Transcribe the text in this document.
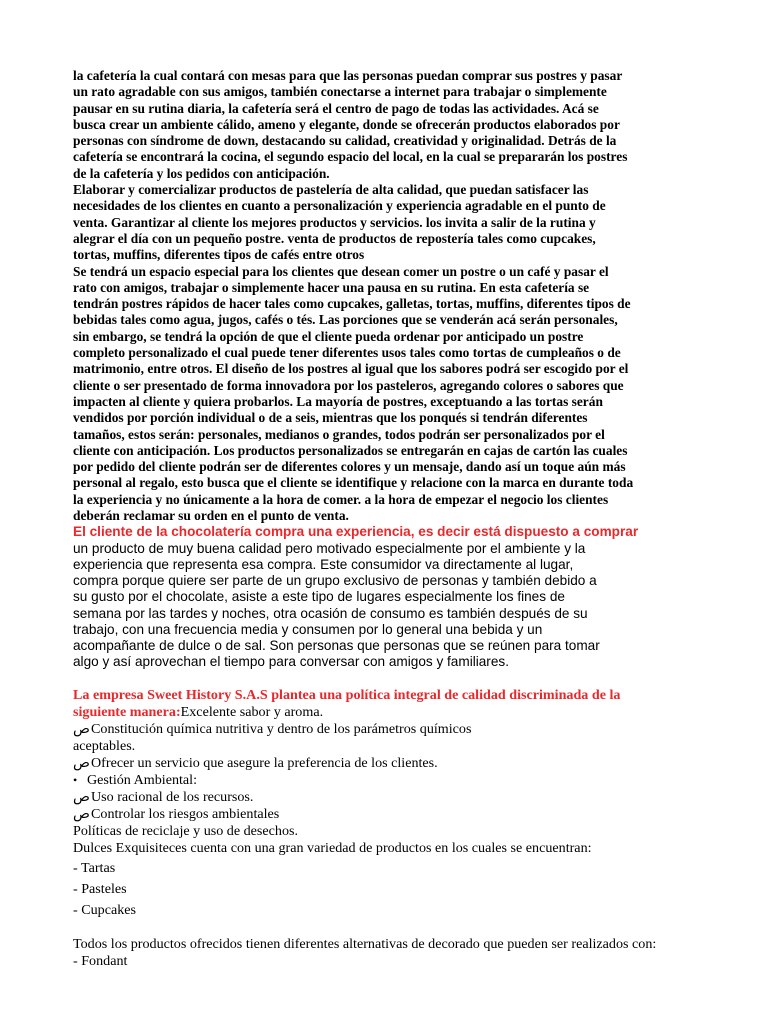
la cafetería la cual contará con mesas para que las personas puedan comprar sus postres y pasar
un rato agradable con sus amigos, también conectarse a internet para trabajar o simplemente
pausar en su rutina diaria, la cafetería será el centro de pago de todas las actividades. Acá se
busca crear un ambiente cálido, ameno y elegante, donde se ofrecerán productos elaborados por
personas con síndrome de down, destacando su calidad, creatividad y originalidad. Detrás de la
cafetería se encontrará la cocina, el segundo espacio del local, en la cual se prepararán los postres
de la cafetería y los pedidos con anticipación.
Elaborar y comercializar productos de pastelería de alta calidad, que puedan satisfacer las
necesidades de los clientes en cuanto a personalización y experiencia agradable en el punto de
venta. Garantizar al cliente los mejores productos y servicios. los invita a salir de la rutina y
alegrar el día con un pequeño postre. venta de productos de repostería tales como cupcakes,
tortas, muffins, diferentes tipos de cafés entre otros
Se tendrá un espacio especial para los clientes que desean comer un postre o un café y pasar el
rato con amigos, trabajar o simplemente hacer una pausa en su rutina. En esta cafetería se
tendrán postres rápidos de hacer tales como cupcakes, galletas, tortas, muffins, diferentes tipos de
bebidas tales como agua, jugos, cafés o tés. Las porciones que se venderán acá serán personales,
sin embargo, se tendrá la opción de que el cliente pueda ordenar por anticipado un postre
completo personalizado el cual puede tener diferentes usos tales como tortas de cumpleaños o de
matrimonio, entre otros. El diseño de los postres al igual que los sabores podrá ser escogido por el
cliente o ser presentado de forma innovadora por los pasteleros, agregando colores o sabores que
impacten al cliente y quiera probarlos. La mayoría de postres, exceptuando a las tortas serán
vendidos por porción individual o de a seis, mientras que los ponqués si tendrán diferentes
tamaños, estos serán: personales, medianos o grandes, todos podrán ser personalizados por el
cliente con anticipación. Los productos personalizados se entregarán en cajas de cartón las cuales
por pedido del cliente podrán ser de diferentes colores y un mensaje, dando así un toque aún más
personal al regalo, esto busca que el cliente se identifique y relacione con la marca en durante toda
la experiencia y no únicamente a la hora de comer. a la hora de empezar el negocio los clientes
deberán reclamar su orden en el punto de venta.
El cliente de la chocolatería compra una experiencia, es decir está dispuesto a comprar
un producto de muy buena calidad pero motivado especialmente por el ambiente y la
experiencia que representa esa compra. Este consumidor va directamente al lugar,
compra porque quiere ser parte de un grupo exclusivo de personas y también debido a
su gusto por el chocolate, asiste a este tipo de lugares especialmente los fines de
semana por las tardes y noches, otra ocasión de consumo es también después de su
trabajo, con una frecuencia media y consumen por lo general una bebida y un
acompañante de dulce o de sal. Son personas que personas que se reúnen para tomar
algo y así aprovechan el tiempo para conversar con amigos y familiares.
La empresa Sweet History S.A.S plantea una política integral de calidad discriminada de la
siguiente manera:Excelente sabor y aroma.
صConstitución química nutritiva y dentro de los parámetros químicos
aceptables.
صOfrecer un servicio que asegure la preferencia de los clientes.
• Gestión Ambiental:
صUso racional de los recursos.
صControlar los riesgos ambientales
Políticas de reciclaje y uso de desechos.
Dulces Exquisiteces cuenta con una gran variedad de productos en los cuales se encuentran:
- Tartas
- Pasteles
- Cupcakes
Todos los productos ofrecidos tienen diferentes alternativas de decorado que pueden ser realizados con:
- Fondant
